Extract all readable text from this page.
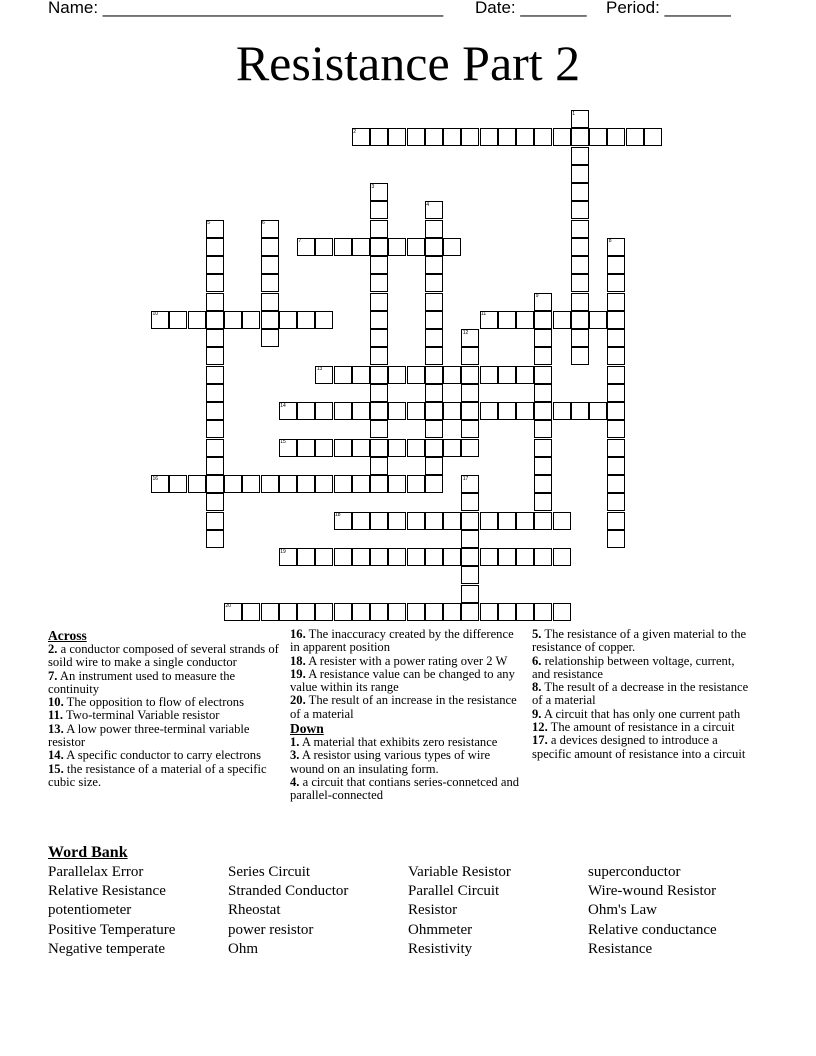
Name: ____________________________________ Date: _______ Period: _______
Resistance Part 2
1
2
3
4
5	6
7	8
9
10	11
12
13
14
15
16	17
18
19
20

Across

2. a conductor composed of several strands of soild wire to make a single conductor

7. An instrument used to measure the continuity

10. The opposition to flow of electrons

11. Two-terminal Variable resistor

13. A low power three-terminal variable resistor

14. A specific conductor to carry electrons

15. the resistance of a material of a specific cubic size.

16. The inaccuracy created by the difference in apparent position

18. A resister with a power rating over 2 W

19. A resistance value can be changed to any value within its range

20. The result of an increase in the resistance of a material

Down

1. A material that exhibits zero resistance

3. A resistor using various types of wire wound on an insulating form.

4. a circuit that contians series-connetced and parallel-connected

5. The resistance of a given material to the resistance of copper.

6. relationship between voltage, current, and resistance

8. The result of a decrease in the resistance of a material

9. A circuit that has only one current path

12. The amount of resistance in a circuit

17. a devices designed to introduce a specific amount of resistance into a circuit

Word Bank
Parallelax Error
Relative Resistance
potentiometer
Positive Temperature
Negative temperate
Series Circuit
Stranded Conductor
Rheostat
power resistor
Ohm
Variable Resistor
Parallel Circuit
Resistor
Ohmmeter
Resistivity
superconductor
Wire-wound Resistor
Ohm's Law
Relative conductance
Resistance
